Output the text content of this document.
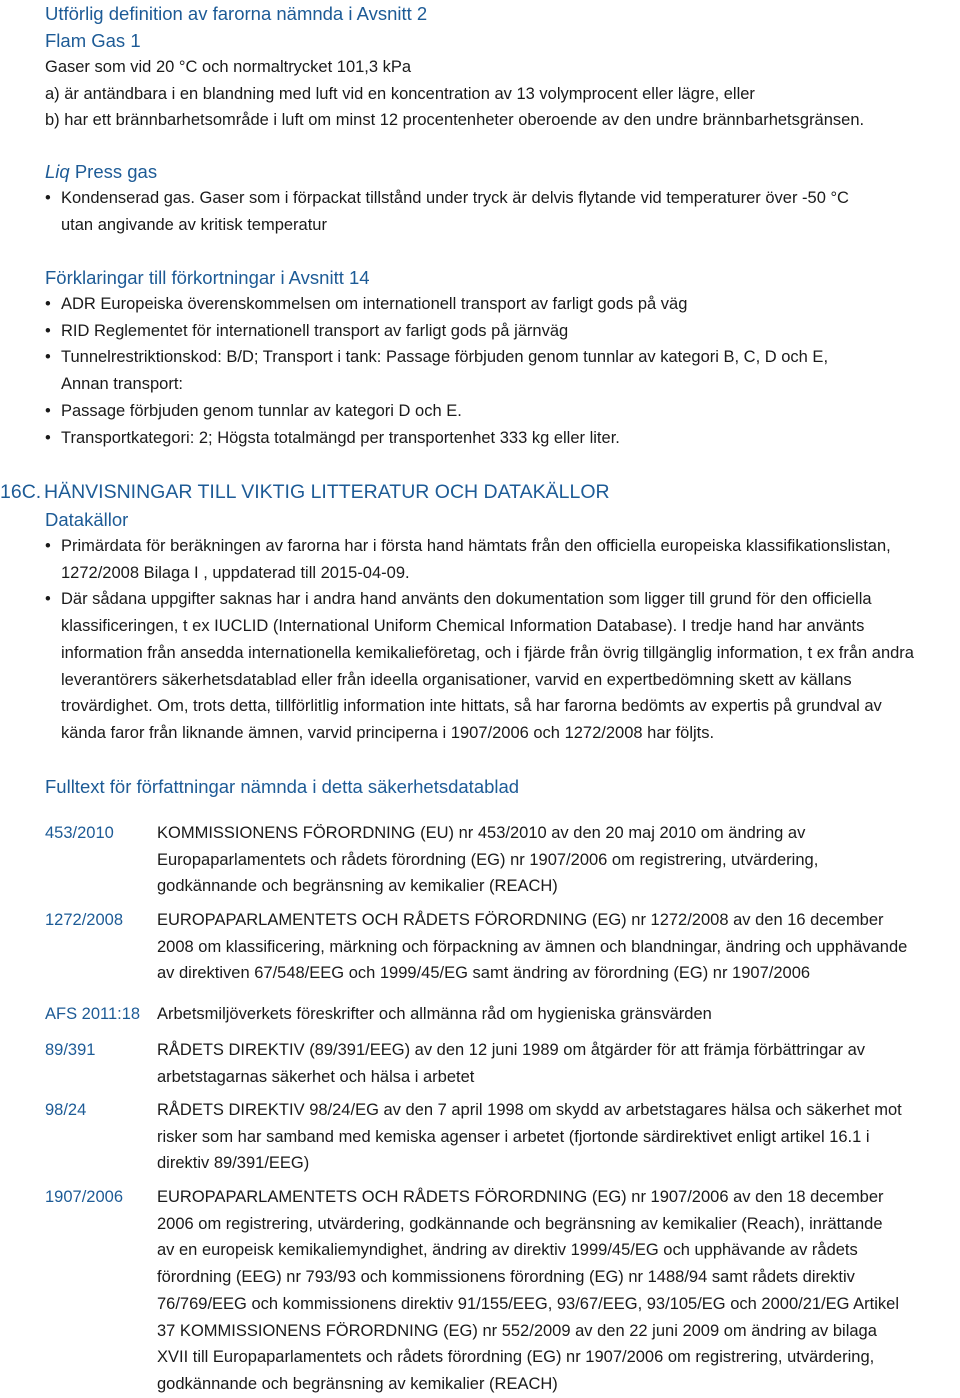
Utförlig definition av farorna nämnda i Avsnitt 2
Flam Gas 1
Gaser som vid 20 °C och normaltrycket 101,3 kPa
a) är antändbara i en blandning med luft vid en koncentration av 13 volymprocent eller lägre, eller
b) har ett brännbarhetsområde i luft om minst 12 procentenheter oberoende av den undre brännbarhetsgränsen.
Liq Press gas
• Kondenserad gas. Gaser som i förpackat tillstånd under tryck är delvis flytande vid temperaturer över -50 °C
utan angivande av kritisk temperatur
Förklaringar till förkortningar i Avsnitt 14
• ADR Europeiska överenskommelsen om internationell transport av farligt gods på väg
• RID Reglementet för internationell transport av farligt gods på järnväg
• Tunnelrestriktionskod: B/D; Transport i tank: Passage förbjuden genom tunnlar av kategori B, C, D och E,
Annan transport:
• Passage förbjuden genom tunnlar av kategori D och E.
• Transportkategori: 2; Högsta totalmängd per transportenhet 333 kg eller liter.
16C. HÄNVISNINGAR TILL VIKTIG LITTERATUR OCH DATAKÄLLOR
Datakällor
• Primärdata för beräkningen av farorna har i första hand hämtats från den officiella europeiska klassifikationslistan,
1272/2008 Bilaga I , uppdaterad till 2015-04-09.
• Där sådana uppgifter saknas har i andra hand använts den dokumentation som ligger till grund för den officiella
klassificeringen, t ex IUCLID (International Uniform Chemical Information Database). I tredje hand har använts
information från ansedda internationella kemikalieföretag, och i fjärde från övrig tillgänglig information, t ex från andra
leverantörers säkerhetsdatablad eller från ideella organisationer, varvid en expertbedömning skett av källans
trovärdighet. Om, trots detta, tillförlitlig information inte hittats, så har farorna bedömts av expertis på grundval av
kända faror från liknande ämnen, varvid principerna i 1907/2006 och 1272/2008 har följts.
Fulltext för författningar nämnda i detta säkerhetsdatablad
453/2010	KOMMISSIONENS FÖRORDNING (EU) nr 453/2010 av den 20 maj 2010 om ändring av
Europaparlamentets och rådets förordning (EG) nr 1907/2006 om registrering, utvärdering,
godkännande och begränsning av kemikalier (REACH)
1272/2008	EUROPAPARLAMENTETS OCH RÅDETS FÖRORDNING (EG) nr 1272/2008 av den 16 december
2008 om klassificering, märkning och förpackning av ämnen och blandningar, ändring och upphävande
av direktiven 67/548/EEG och 1999/45/EG samt ändring av förordning (EG) nr 1907/2006
AFS 2011:18	Arbetsmiljöverkets föreskrifter och allmänna råd om hygieniska gränsvärden
89/391	RÅDETS DIREKTIV (89/391/EEG) av den 12 juni 1989 om åtgärder för att främja förbättringar av
arbetstagarnas säkerhet och hälsa i arbetet
98/24	RÅDETS DIREKTIV 98/24/EG av den 7 april 1998 om skydd av arbetstagares hälsa och säkerhet mot
risker som har samband med kemiska agenser i arbetet (fjortonde särdirektivet enligt artikel 16.1 i
direktiv 89/391/EEG)
1907/2006	EUROPAPARLAMENTETS OCH RÅDETS FÖRORDNING (EG) nr 1907/2006 av den 18 december
2006 om registrering, utvärdering, godkännande och begränsning av kemikalier (Reach), inrättande
av en europeisk kemikaliemyndighet, ändring av direktiv 1999/45/EG och upphävande av rådets
förordning (EEG) nr 793/93 och kommissionens förordning (EG) nr 1488/94 samt rådets direktiv
76/769/EEG och kommissionens direktiv 91/155/EEG, 93/67/EEG, 93/105/EG och 2000/21/EG Artikel
37 KOMMISSIONENS FÖRORDNING (EG) nr 552/2009 av den 22 juni 2009 om ändring av bilaga
XVII till Europaparlamentets och rådets förordning (EG) nr 1907/2006 om registrering, utvärdering,
godkännande och begränsning av kemikalier (REACH)
